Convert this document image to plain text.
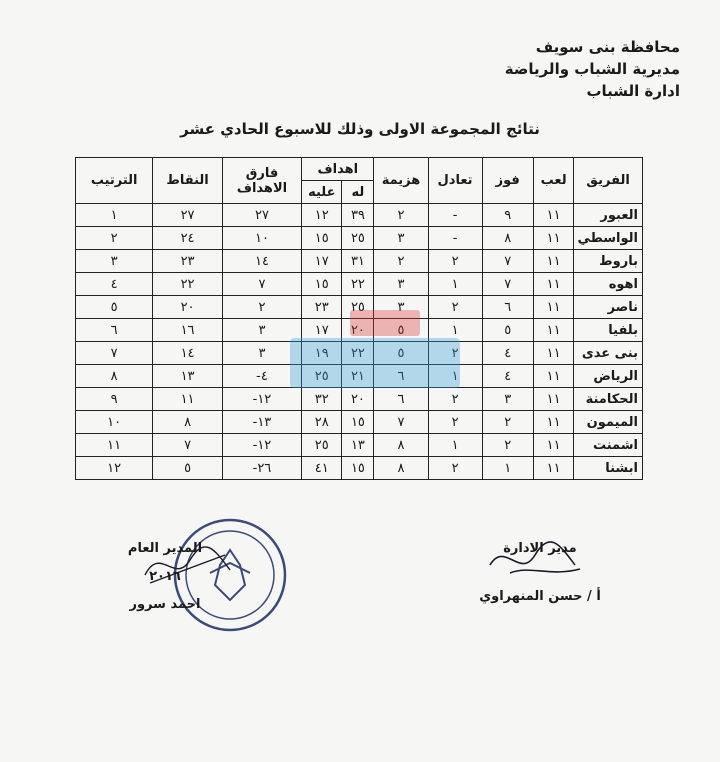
محافظة بنى سويف
مديرية الشباب والرياضة
ادارة الشباب
نتائج المجموعة الاولى وذلك للاسبوع الحادي عشر
الفريق	لعب	فوز	تعادل	هزيمة	اهداف		فارق الاهداف	النقاط	الترتيب
					له	عليه			
العبور	١١	٩	-	٢	٣٩	١٢	٢٧	٢٧	١
الواسطي	١١	٨	-	٣	٢٥	١٥	١٠	٢٤	٢
باروط	١١	٧	٢	٢	٣١	١٧	١٤	٢٣	٣
اهوه	١١	٧	١	٣	٢٢	١٥	٧	٢٢	٤
ناصر	١١	٦	٢	٣	٢٥	٢٣	٢	٢٠	٥
بلفيا	١١	٥	١	٥	٢٠	١٧	٣	١٦	٦
بنى عدى	١١	٤	٢	٥	٢٢	١٩	٣	١٤	٧
الرياض	١١	٤	١	٦	٢١	٢٥	٤-	١٣	٨
الحكامنة	١١	٣	٢	٦	٢٠	٣٢	١٢-	١١	٩
الميمون	١١	٢	٢	٧	١٥	٢٨	١٣-	٨	١٠
اشمنت	١١	٢	١	٨	١٣	٢٥	١٢-	٧	١١
ابشنا	١١	١	٢	٨	١٥	٤١	٢٦-	٥	١٢
المدير العام
٢٠١٦
احمد سرور
مدير الادارة
أ / حسن المنهراوي
